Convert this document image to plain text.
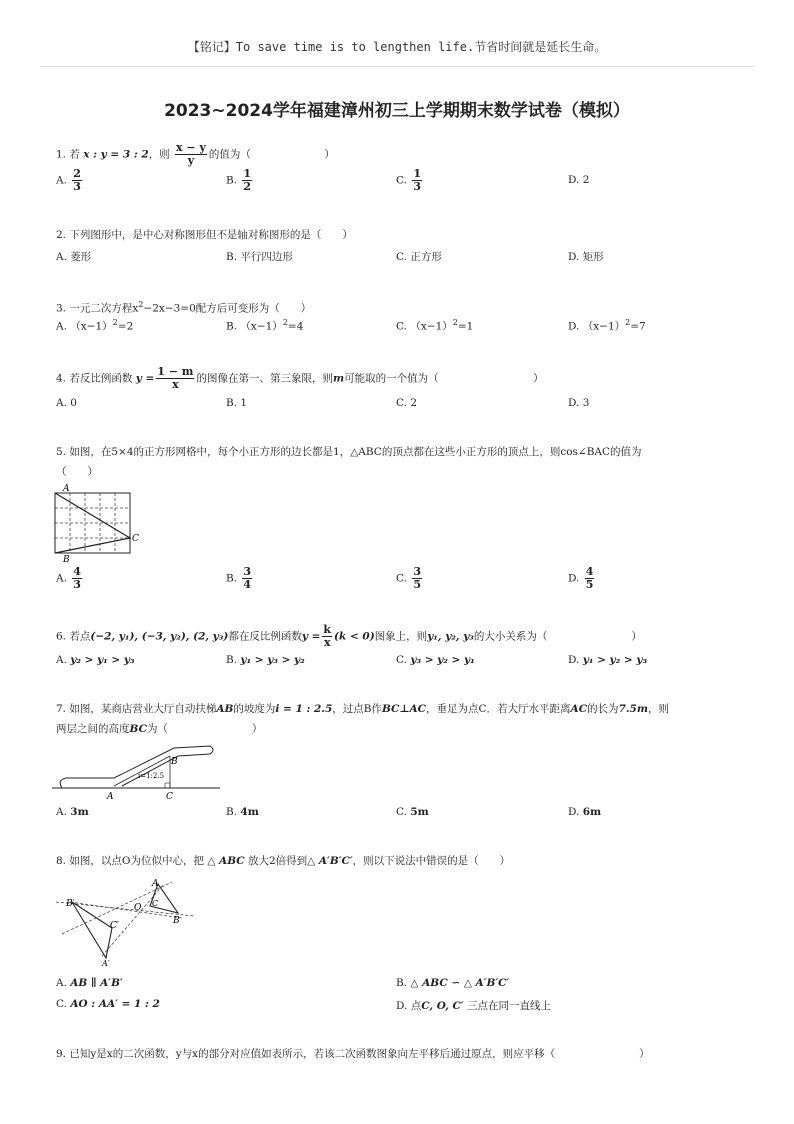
【铭记】To save time is to lengthen life.节省时间就是延长生命。
2023~2024学年福建漳州初三上学期期末数学试卷（模拟）
1. 若 x : y = 3 : 2，则 $\frac{x - y}{y}$ 的值为（　　　　　　　）
A. $\frac{2}{3}$	B. $\frac{1}{2}$	C. $\frac{1}{3}$	D. 2
2. 下列图形中，是中心对称图形但不是轴对称图形的是（　　）
A. 菱形	B. 平行四边形	C. 正方形	D. 矩形
3. 一元二次方程$x^2-2x-3=0$配方后可变形为（　　）
A. $(x-1)^2=2$	B. $(x-1)^2=4$	C. $(x-1)^2=1$	D. $(x-1)^2=7$
4. 若反比例函数 $y = \frac{1 - m}{x}$ 的图像在第一、第三象限，则m可能取的一个值为（　　　　　　　　　）
A. 0	B. 1	C. 2	D. 3
5. 如图，在5×4的正方形网格中，每个小正方形的边长都是1，△ABC的顶点都在这些小正方形的顶点上，则cos∠BAC的值为
（　　）
A
B
C
A. $\frac{4}{3}$	B. $\frac{3}{4}$	C. $\frac{3}{5}$	D. $\frac{4}{5}$
6. 若点(−2, y₁), (−3, y₂), (2, y₃)都在反比例函数$y = \frac{k}{x} (k < 0)$图象上，则y₁, y₂, y₃的大小关系为（　　　　　　　　）
A. y₂ > y₁ > y₃	B. y₁ > y₃ > y₂	C. y₃ > y₂ > y₁	D. y₁ > y₂ > y₃
7. 如图，某商店营业大厅自动扶梯AB的坡度为i = 1 : 2.5，过点B作BC⊥AC，垂足为点C．若大厅水平距离AC的长为7.5m，则
两层之间的高度BC为（　　　　　　　　）
i=1:2.5
A
B
C
A. 3m	B. 4m	C. 5m	D. 6m
8. 如图，以点O为位似中心，把 △ ABC 放大2倍得到△ A′B′C′，则以下说法中错误的是（　　）
B′
C′
A′
O
A
B
C
A. AB ∥ A′B′	B. △ ABC ∽ △ A′B′C′
C. AO : AA′ = 1 : 2	D. 点C, O, C′ 三点在同一直线上
9. 已知y是x的二次函数，y与x的部分对应值如表所示，若该二次函数图象向左平移后通过原点，则应平移（　　　　　　　　）
